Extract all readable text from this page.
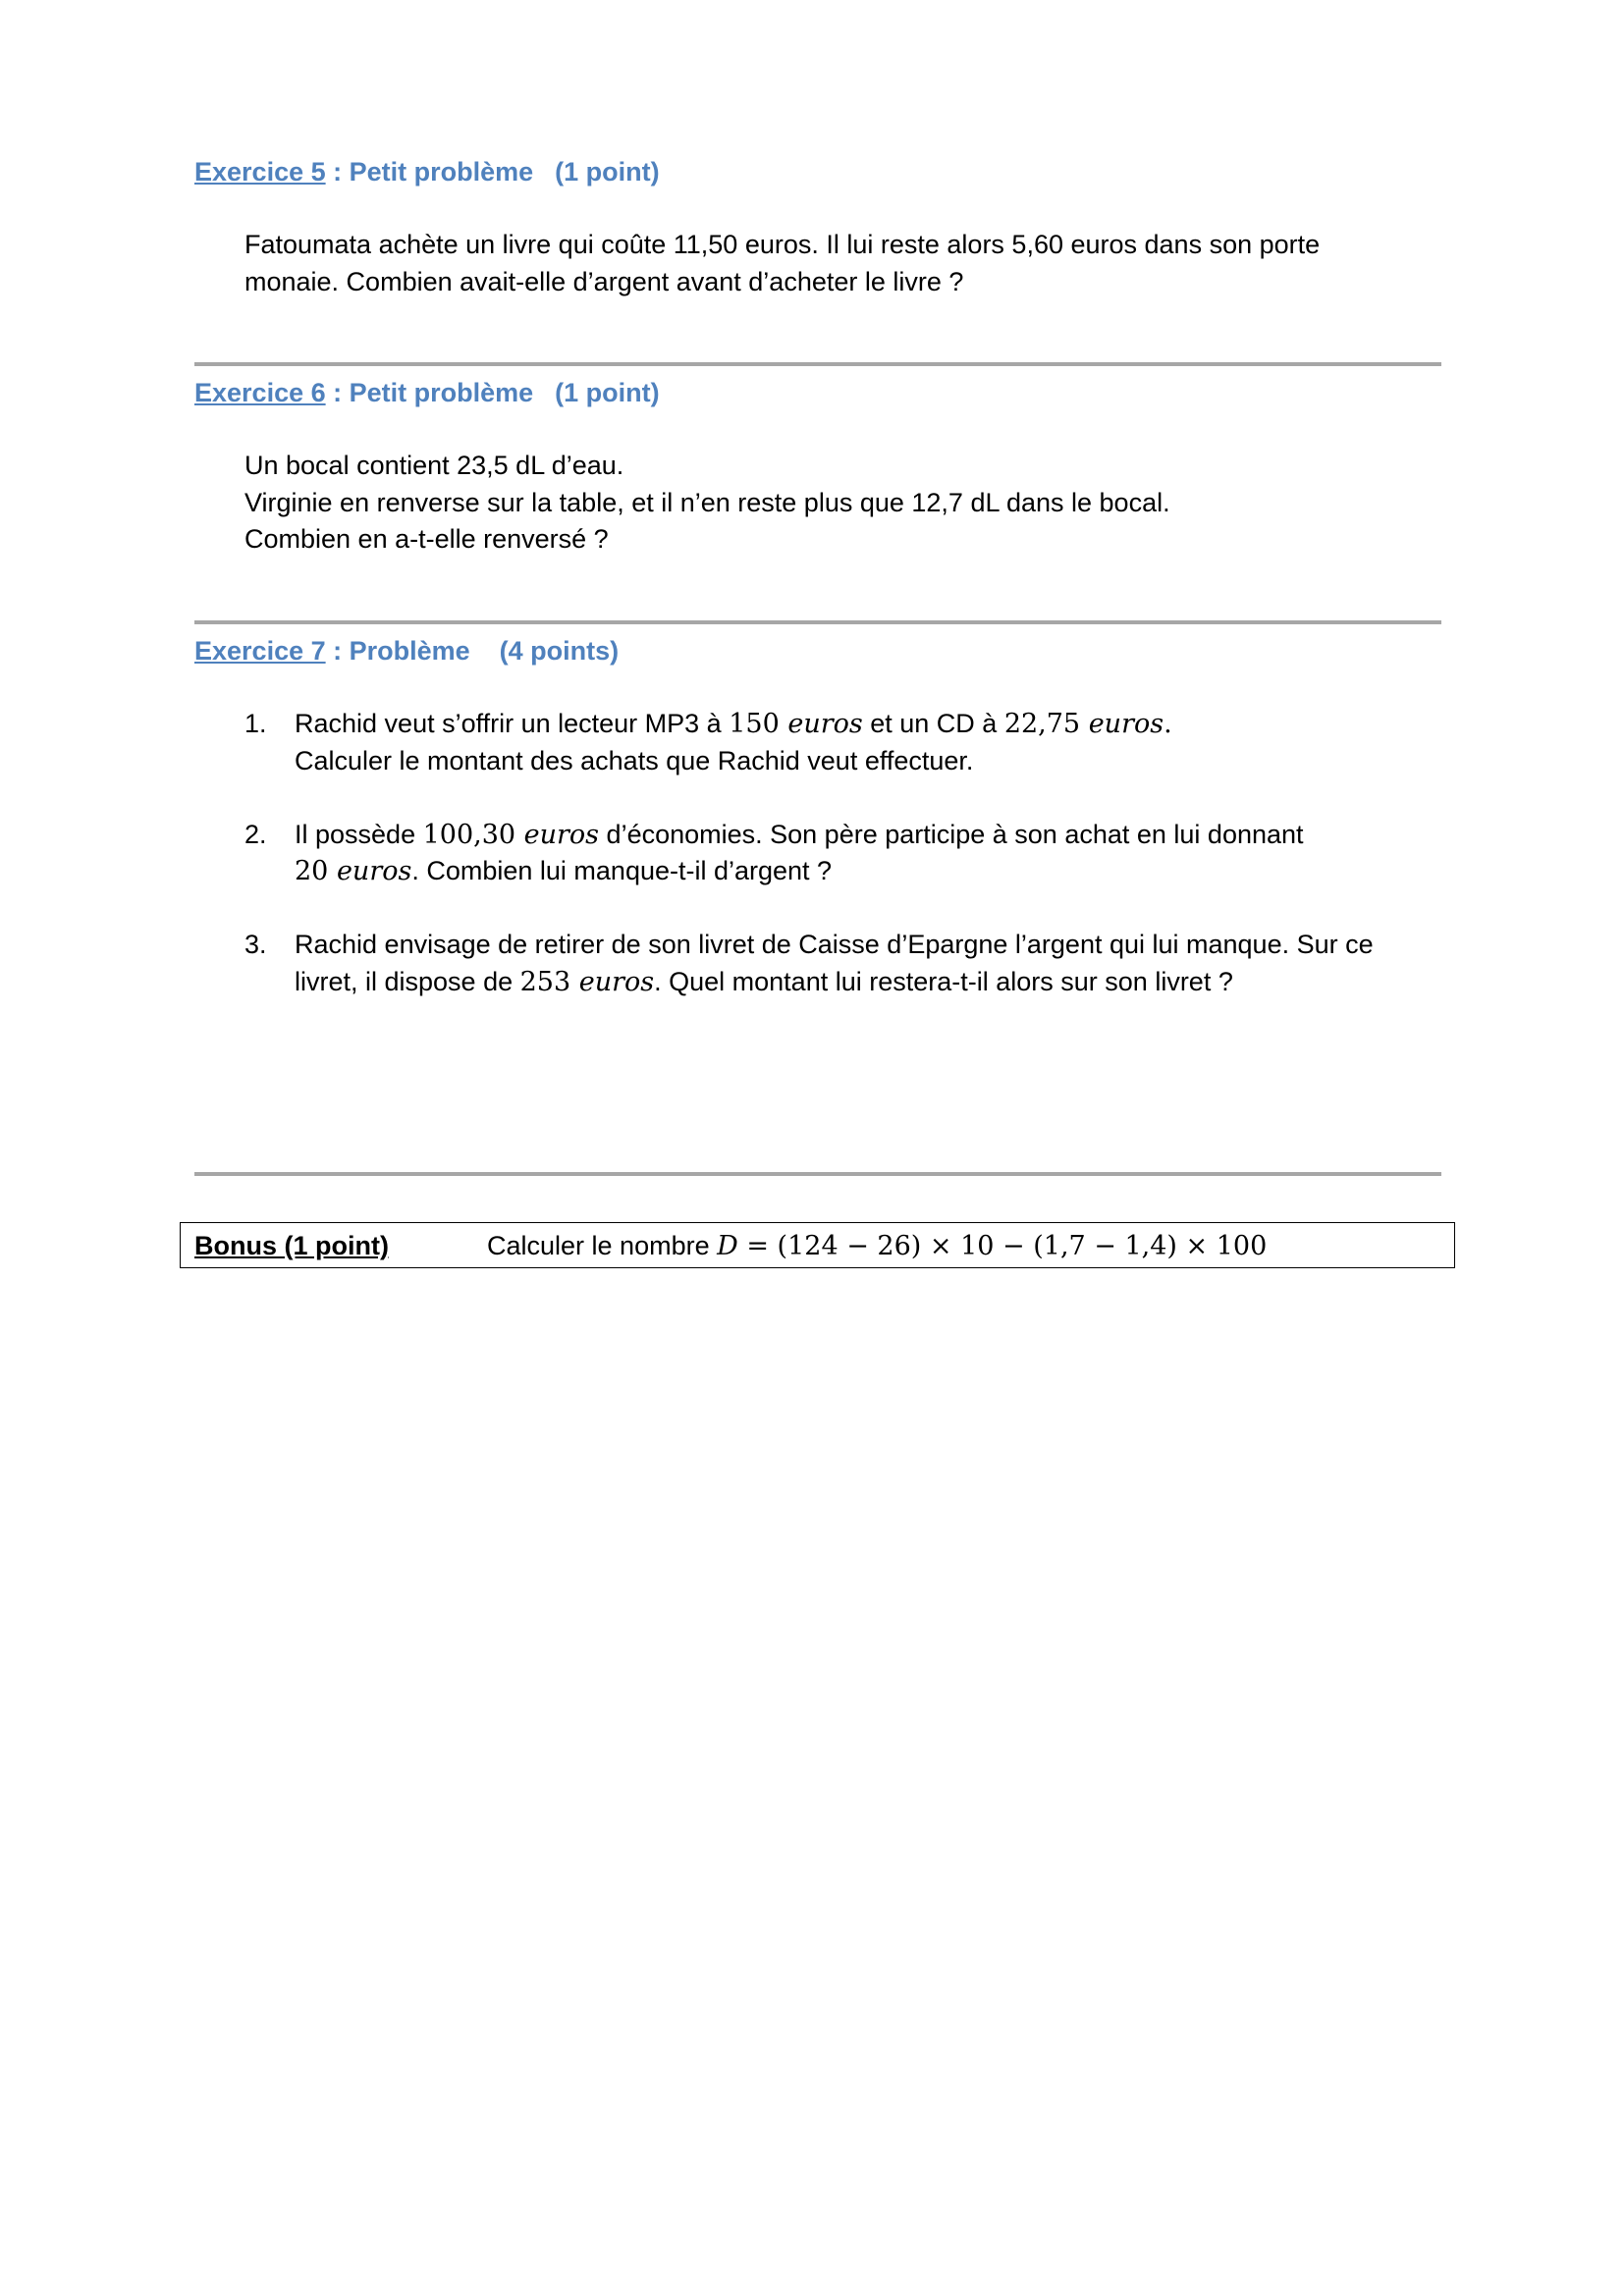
Exercice 5 : Petit problème (1 point)

Fatoumata achète un livre qui coûte 11,50 euros. Il lui reste alors 5,60 euros dans son porte

monaie. Combien avait-elle d’argent avant d’acheter le livre ?

Exercice 6 : Petit problème (1 point)

Un bocal contient 23,5 dL d’eau.

Virginie en renverse sur la table, et il n’en reste plus que 12,7 dL dans le bocal.

Combien en a-t-elle renversé ?

Exercice 7 : Problème (4 points)
1. Rachid veut s’offrir un lecteur MP3 à 150 euros et un CD à 22,75 euros.

Calculer le montant des achats que Rachid veut effectuer.

2. Il possède 100,30 euros d’économies. Son père participe à son achat en lui donnant

20 euros. Combien lui manque-t-il d’argent ?

3. Rachid envisage de retirer de son livret de Caisse d’Epargne l’argent qui lui manque. Sur ce

livret, il dispose de 253 euros. Quel montant lui restera-t-il alors sur son livret ?

Bonus (1 point)	Calculer le nombre D = (124 − 26) × 10 − (1,7 − 1,4) × 100
